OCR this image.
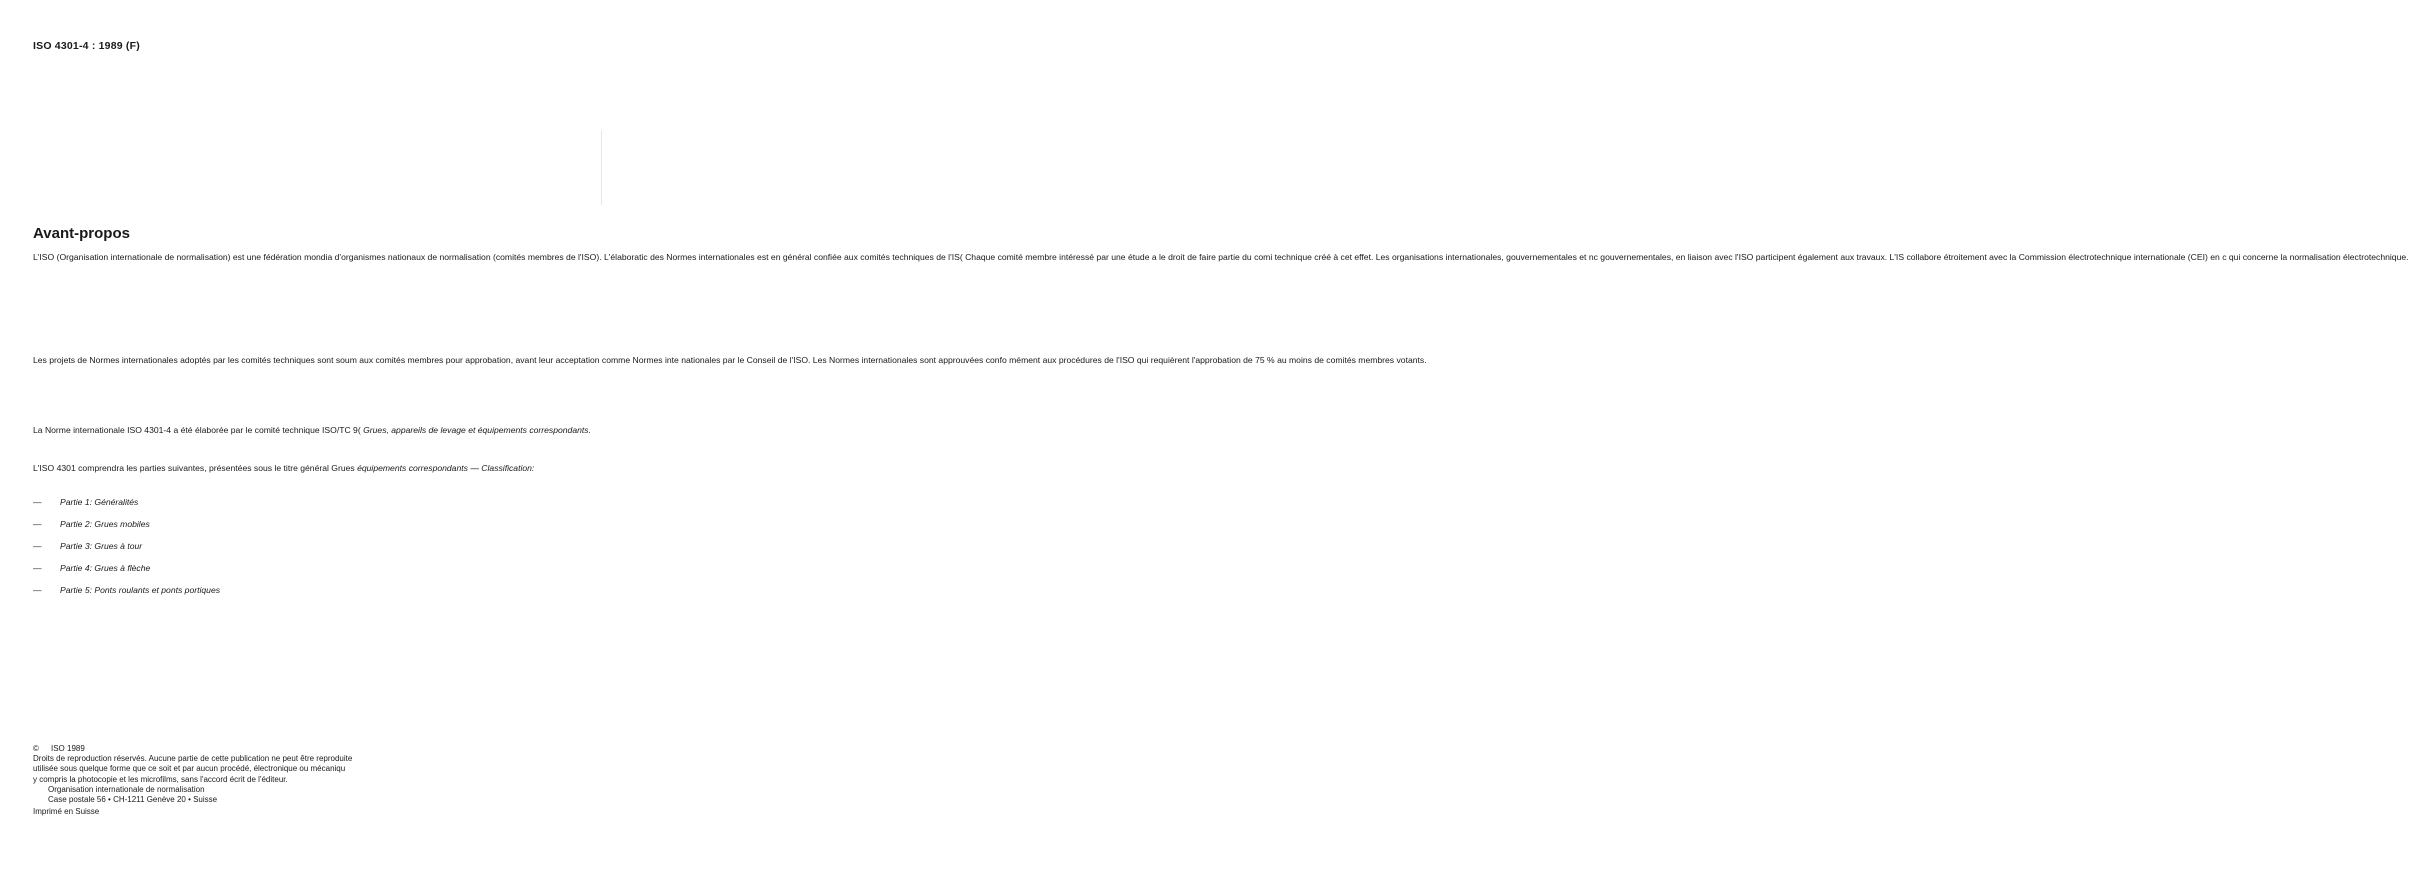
ISO 4301-4 : 1989 (F)
Avant-propos
L'ISO (Organisation internationale de normalisation) est une fédération mondia d'organismes nationaux de normalisation (comités membres de l'ISO). L'élaboratic des Normes internationales est en général confiée aux comités techniques de l'IS( Chaque comité membre intéressé par une étude a le droit de faire partie du comi technique créé à cet effet. Les organisations internationales, gouvernementales et nc gouvernementales, en liaison avec l'ISO participent également aux travaux. L'IS collabore étroitement avec la Commission électrotechnique internationale (CEI) en c qui concerne la normalisation électrotechnique.
Les projets de Normes internationales adoptés par les comités techniques sont soum aux comités membres pour approbation, avant leur acceptation comme Normes inte nationales par le Conseil de l'ISO. Les Normes internationales sont approuvées confo mément aux procédures de l'ISO qui requièrent l'approbation de 75 % au moins de comités membres votants.
La Norme internationale ISO 4301-4 a été élaborée par le comité technique ISO/TC 9( Grues, appareils de levage et équipements correspondants.
L'ISO 4301 comprendra les parties suivantes, présentées sous le titre général Grues équipements correspondants — Classification:
— Partie 1: Généralités
— Partie 2: Grues mobiles
— Partie 3: Grues à tour
— Partie 4: Grues à flèche
— Partie 5: Ponts roulants et ponts portiques
© ISO 1989
Droits de reproduction réservés. Aucune partie de cette publication ne peut être reproduite
utilisée sous quelque forme que ce soit et par aucun procédé, électronique ou mécaniqu
y compris la photocopie et les microfilms, sans l'accord écrit de l'éditeur.
Organisation internationale de normalisation
Case postale 56 • CH-1211 Genève 20 • Suisse
Imprimé en Suisse
